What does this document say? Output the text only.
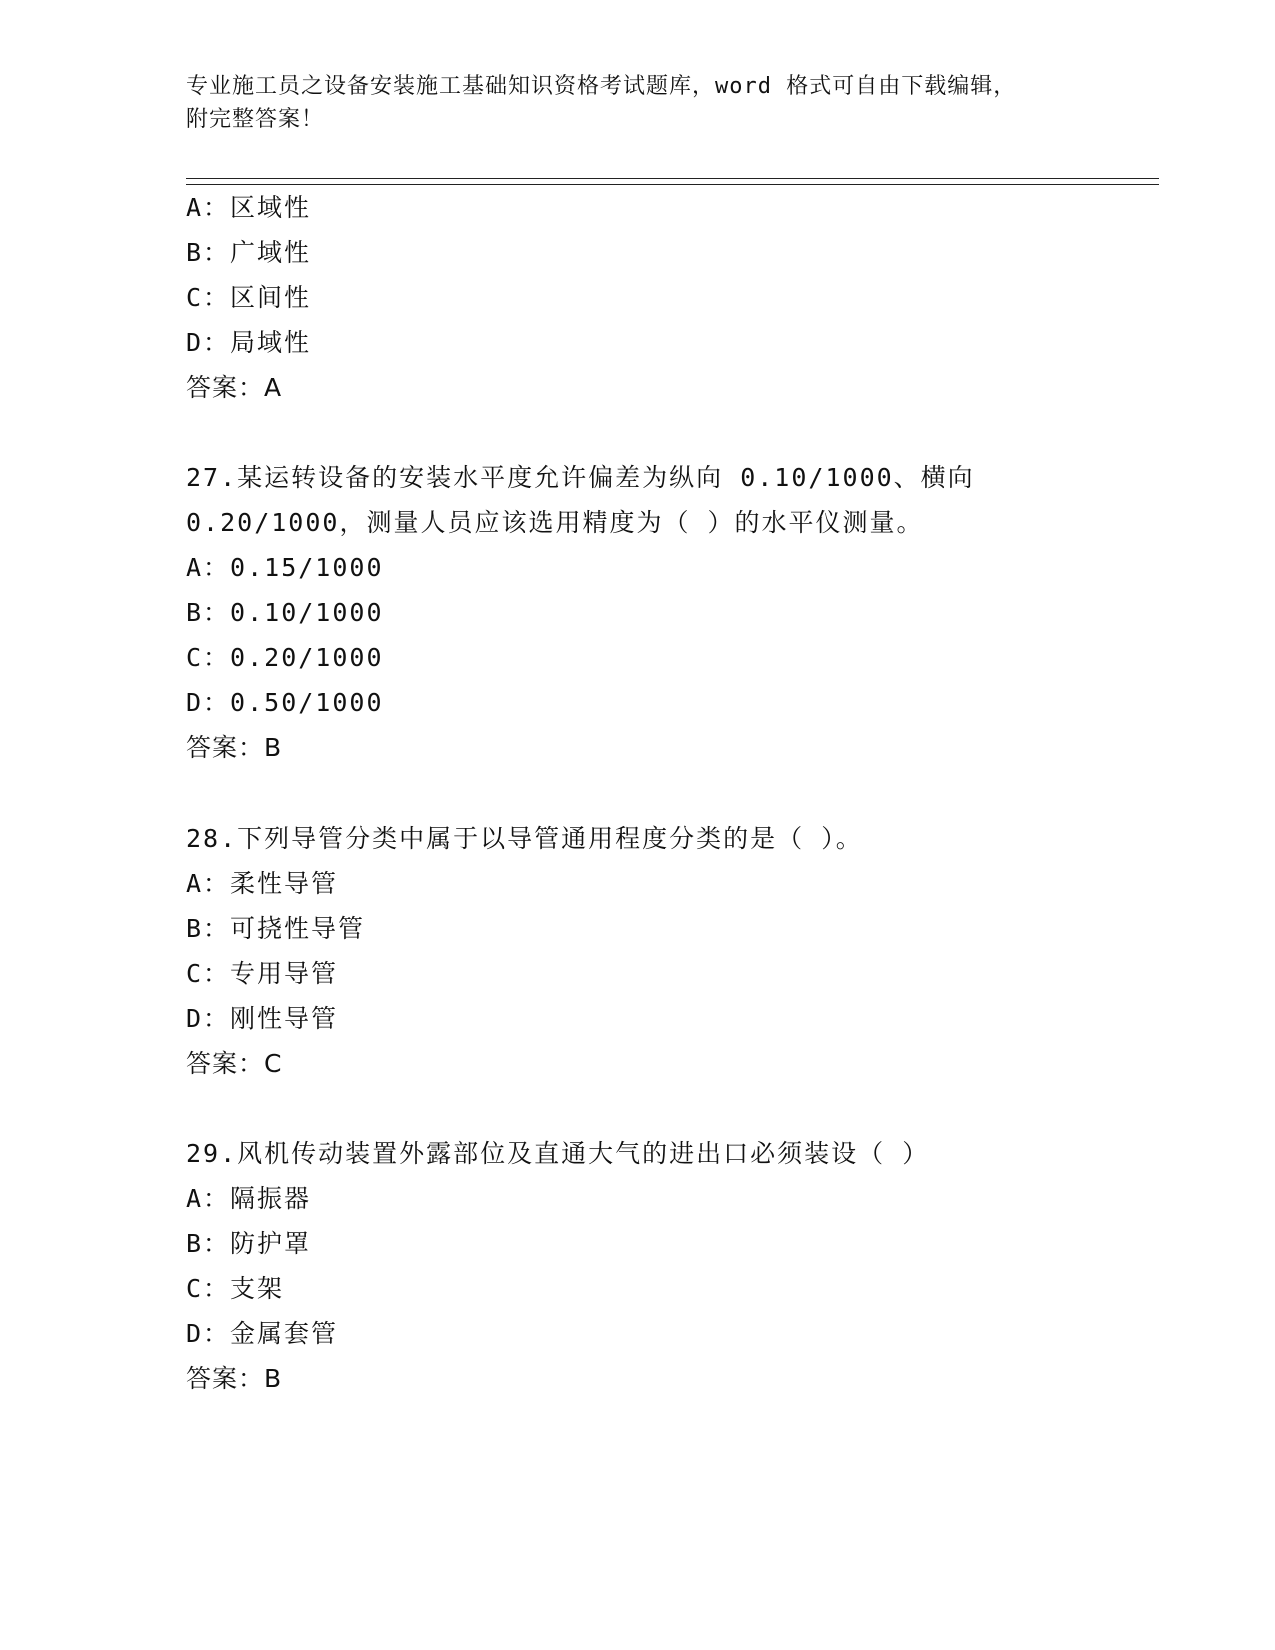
专业施工员之设备安装施工基础知识资格考试题库，word 格式可自由下载编辑，
附完整答案！
A：区域性
B：广域性
C：区间性
D：局域性
答案：A
27.某运转设备的安装水平度允许偏差为纵向 0.10/1000、横向
0.20/1000，测量人员应该选用精度为（ ）的水平仪测量。
A：0.15/1000
B：0.10/1000
C：0.20/1000
D：0.50/1000
答案：B
28.下列导管分类中属于以导管通用程度分类的是（ ）。
A：柔性导管
B：可挠性导管
C：专用导管
D：刚性导管
答案：C
29.风机传动装置外露部位及直通大气的进出口必须装设（ ）
A：隔振器
B：防护罩
C：支架
D：金属套管
答案：B
